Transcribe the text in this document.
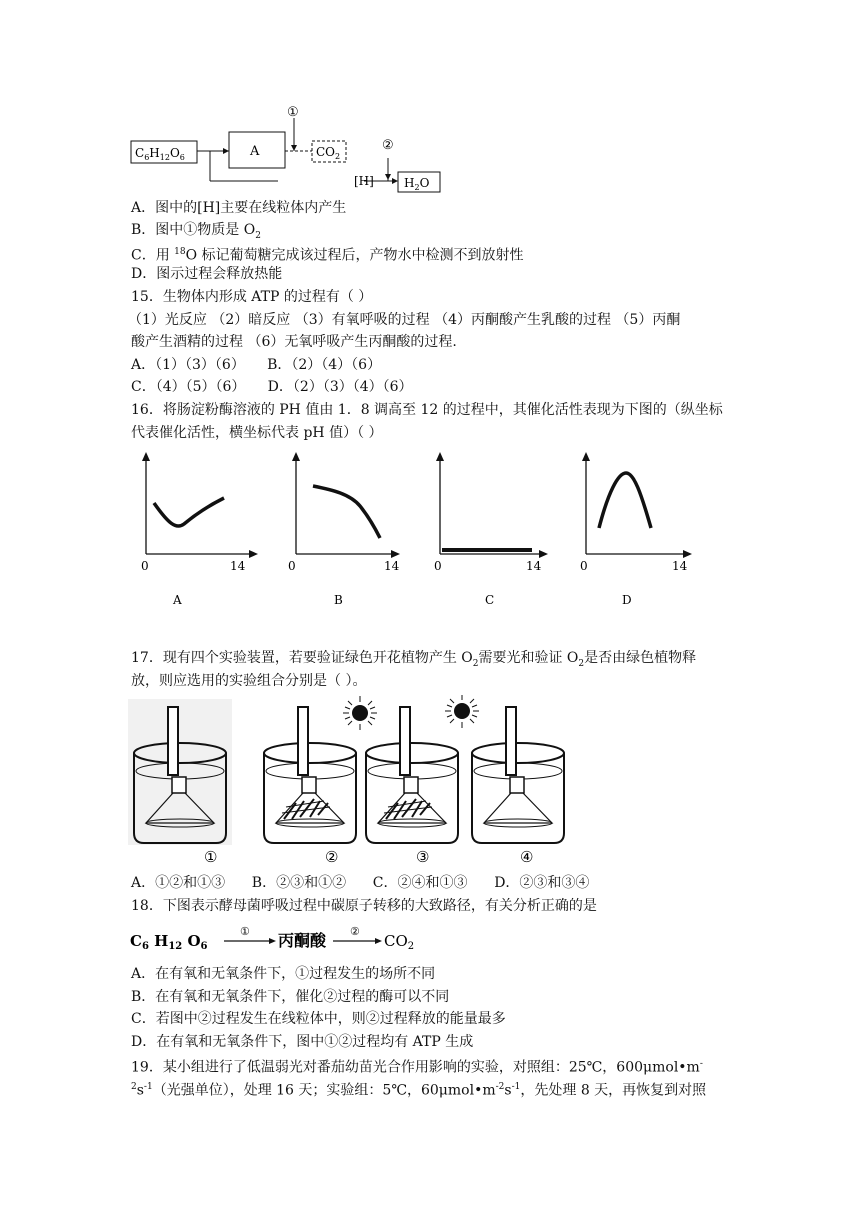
$C_6H_{12}O_6$	A	$CO_2$
①
②
[H]	$H_2O$
A．图中的[H]主要在线粒体内产生
B．图中①物质是 $O_2$
C．用 $^{18}$O 标记葡萄糖完成该过程后，产物水中检测不到放射性
D．图示过程会释放热能
15．生物体内形成 ATP 的过程有（ ）
（1）光反应 （2）暗反应 （3）有氧呼吸的过程 （4）丙酮酸产生乳酸的过程 （5）丙酮
酸产生酒精的过程 （6）无氧呼吸产生丙酮酸的过程.
A．（1）（3）（6）     B．（2）（4）（6）
C．（4）（5）（6）     D．（2）（3）（4）（6）
16．将肠淀粉酶溶液的 PH 值由 1．8 调高至 12 的过程中，其催化活性表现为下图的（纵坐标
代表催化活性，横坐标代表 pH 值）（ ）
0	14
A
0	14
B
0	14
C
0	14
D
17．现有四个实验装置，若要验证绿色开花植物产生 $O_2$需要光和验证 $O_2$是否由绿色植物释
放，则应选用的实验组合分别是（ ）。
①	②	③	④
A．①②和①③      B．②③和①②      C．②④和①③      D．②③和③④
18．下图表示酵母菌呼吸过程中碳原子转移的大致路径，有关分析正确的是
$C_6$ $H_{12}$ $O_6$
① 丙酮酸 ②
$CO_2$
A．在有氧和无氧条件下，①过程发生的场所不同
B．在有氧和无氧条件下，催化②过程的酶可以不同
C．若图中②过程发生在线粒体中，则②过程释放的能量最多
D．在有氧和无氧条件下，图中①②过程均有 ATP 生成
19．某小组进行了低温弱光对番茄幼苗光合作用影响的实验，对照组：25℃，600μmol•m-
$^2s^{-1}$（光强单位），处理 16 天；实验组：5℃，$60\mu mol•m^{-2}s^{-1}$，先处理 8 天，再恢复到对照
